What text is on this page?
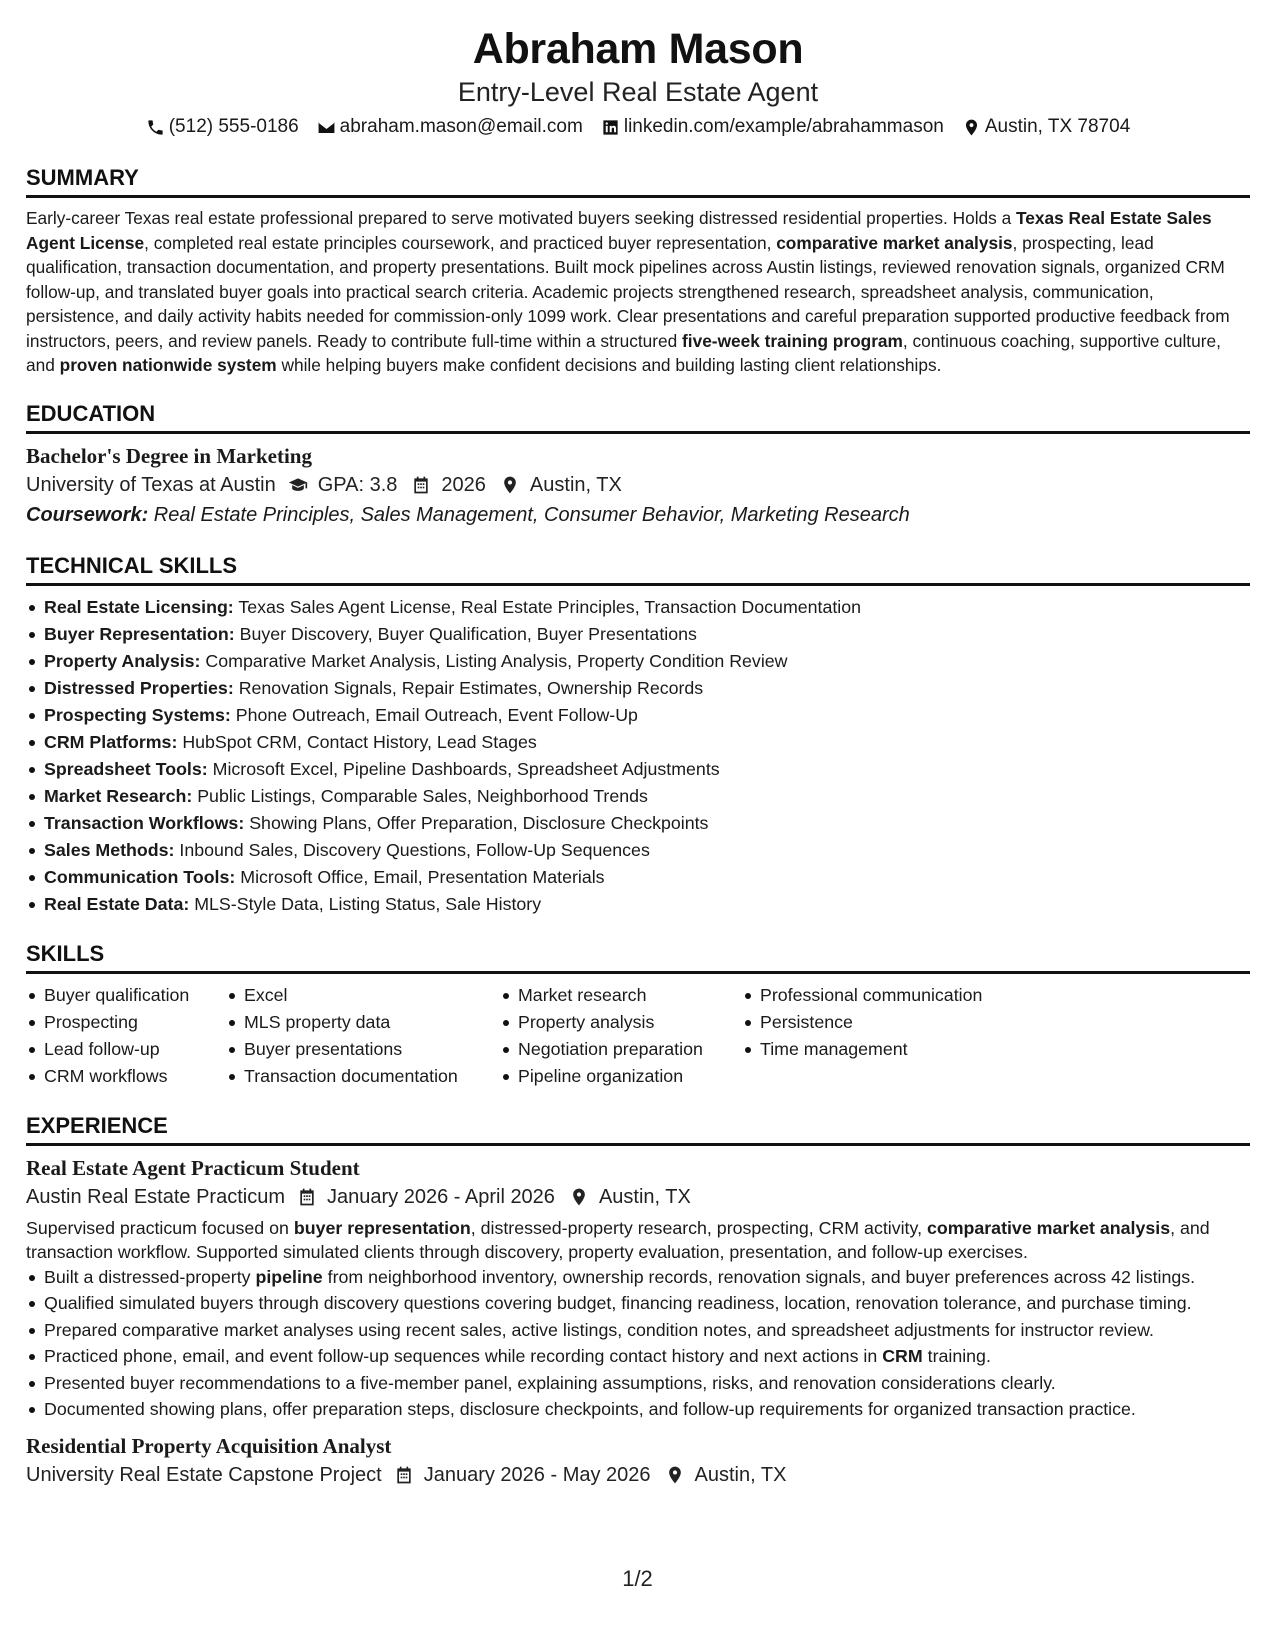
Abraham Mason
Entry-Level Real Estate Agent
(512) 555-0186 abraham.mason@email.com linkedin.com/example/abrahammason Austin, TX 78704
SUMMARY

Early-career Texas real estate professional prepared to serve motivated buyers seeking distressed residential properties. Holds a Texas Real Estate Sales Agent License, completed real estate principles coursework, and practiced buyer representation, comparative market analysis, prospecting, lead qualification, transaction documentation, and property presentations. Built mock pipelines across Austin listings, reviewed renovation signals, organized CRM follow-up, and translated buyer goals into practical search criteria. Academic projects strengthened research, spreadsheet analysis, communication, persistence, and daily activity habits needed for commission-only 1099 work. Clear presentations and careful preparation supported productive feedback from instructors, peers, and review panels. Ready to contribute full-time within a structured five-week training program, continuous coaching, supportive culture, and proven nationwide system while helping buyers make confident decisions and building lasting client relationships.

EDUCATION
Bachelor's Degree in Marketing
University of Texas at Austin GPA: 3.8 2026 Austin, TX
Coursework: Real Estate Principles, Sales Management, Consumer Behavior, Marketing Research
TECHNICAL SKILLS
Real Estate Licensing: Texas Sales Agent License, Real Estate Principles, Transaction Documentation
Buyer Representation: Buyer Discovery, Buyer Qualification, Buyer Presentations
Property Analysis: Comparative Market Analysis, Listing Analysis, Property Condition Review
Distressed Properties: Renovation Signals, Repair Estimates, Ownership Records
Prospecting Systems: Phone Outreach, Email Outreach, Event Follow-Up
CRM Platforms: HubSpot CRM, Contact History, Lead Stages
Spreadsheet Tools: Microsoft Excel, Pipeline Dashboards, Spreadsheet Adjustments
Market Research: Public Listings, Comparable Sales, Neighborhood Trends
Transaction Workflows: Showing Plans, Offer Preparation, Disclosure Checkpoints
Sales Methods: Inbound Sales, Discovery Questions, Follow-Up Sequences
Communication Tools: Microsoft Office, Email, Presentation Materials
Real Estate Data: MLS-Style Data, Listing Status, Sale History
SKILLS
Buyer qualification
Prospecting
Lead follow-up
CRM workflows
Excel
MLS property data
Buyer presentations
Transaction documentation
Market research
Property analysis
Negotiation preparation
Pipeline organization
Professional communication
Persistence
Time management
EXPERIENCE
Real Estate Agent Practicum Student
Austin Real Estate Practicum January 2026 - April 2026 Austin, TX

Supervised practicum focused on buyer representation, distressed-property research, prospecting, CRM activity, comparative market analysis, and transaction workflow. Supported simulated clients through discovery, property evaluation, presentation, and follow-up exercises.

Built a distressed-property pipeline from neighborhood inventory, ownership records, renovation signals, and buyer preferences across 42 listings.
Qualified simulated buyers through discovery questions covering budget, financing readiness, location, renovation tolerance, and purchase timing.
Prepared comparative market analyses using recent sales, active listings, condition notes, and spreadsheet adjustments for instructor review.
Practiced phone, email, and event follow-up sequences while recording contact history and next actions in CRM training.
Presented buyer recommendations to a five-member panel, explaining assumptions, risks, and renovation considerations clearly.
Documented showing plans, offer preparation steps, disclosure checkpoints, and follow-up requirements for organized transaction practice.
Residential Property Acquisition Analyst
University Real Estate Capstone Project January 2026 - May 2026 Austin, TX
1/2
